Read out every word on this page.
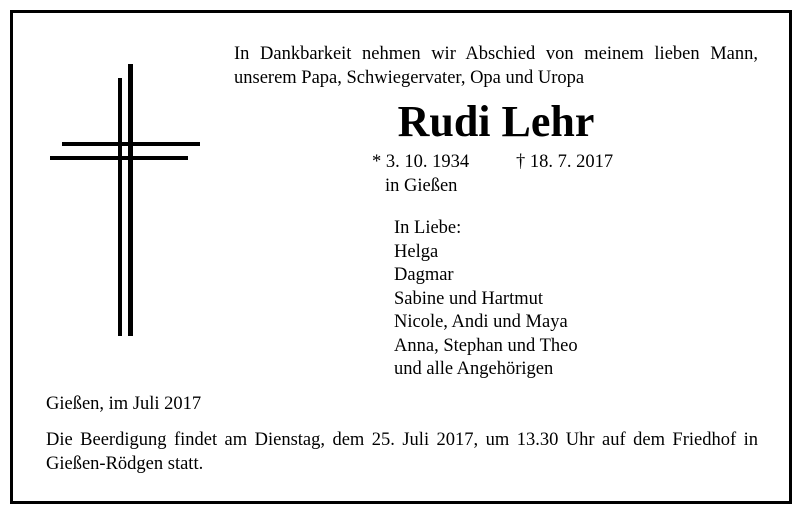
In Dankbarkeit nehmen wir Abschied von meinem lieben Mann, unserem Papa, Schwiegervater, Opa und Uropa
Rudi Lehr
* 3. 10. 1934	† 18. 7. 2017
in Gießen
In Liebe:
Helga
Dagmar
Sabine und Hartmut
Nicole, Andi und Maya
Anna, Stephan und Theo
und alle Angehörigen
Gießen, im Juli 2017
Die Beerdigung findet am Dienstag, dem 25. Juli 2017, um 13.30 Uhr auf dem Friedhof in Gießen-Rödgen statt.
